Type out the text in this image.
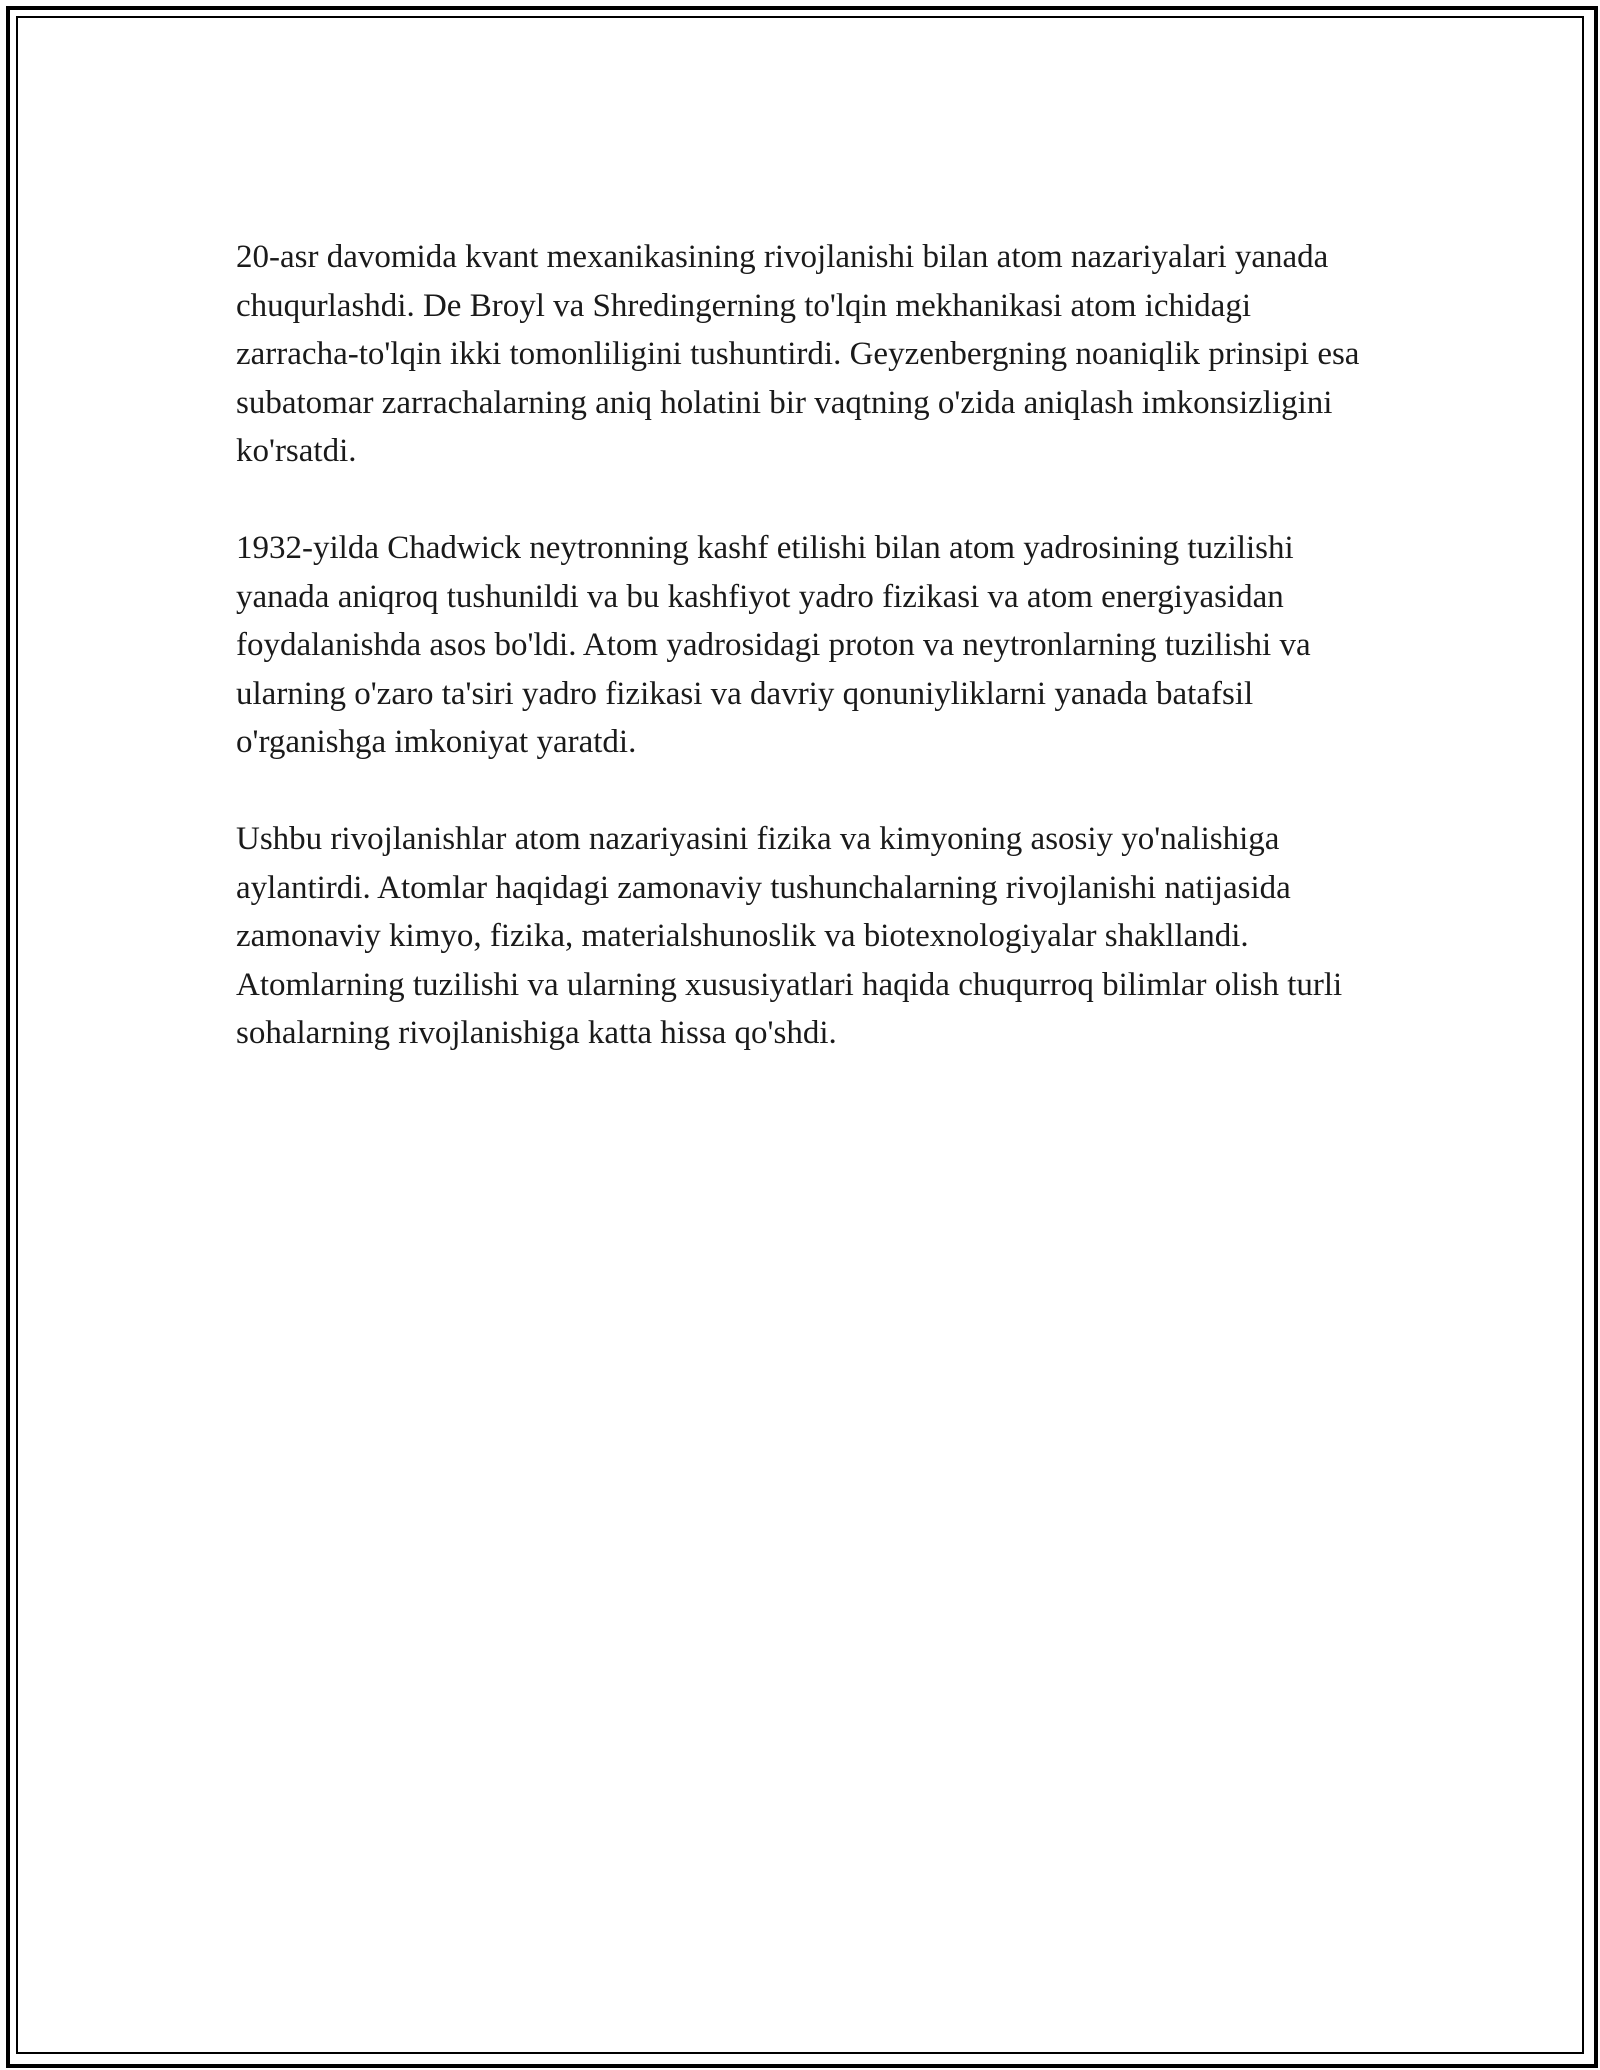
20-asr davomida kvant mexanikasining rivojlanishi bilan atom nazariyalari yanada chuqurlashdi. De Broyl va Shredingerning to'lqin mekhanikasi atom ichidagi zarracha-to'lqin ikki tomonliligini tushuntirdi. Geyzenbergning noaniqlik prinsipi esa subatomar zarrachalarning aniq holatini bir vaqtning o'zida aniqlash imkonsizligini ko'rsatdi.

1932-yilda Chadwick neytronning kashf etilishi bilan atom yadrosining tuzilishi yanada aniqroq tushunildi va bu kashfiyot yadro fizikasi va atom energiyasidan foydalanishda asos bo'ldi. Atom yadrosidagi proton va neytronlarning tuzilishi va ularning o'zaro ta'siri yadro fizikasi va davriy qonuniyliklarni yanada batafsil o'rganishga imkoniyat yaratdi.

Ushbu rivojlanishlar atom nazariyasini fizika va kimyoning asosiy yo'nalishiga aylantirdi. Atomlar haqidagi zamonaviy tushunchalarning rivojlanishi natijasida zamonaviy kimyo, fizika, materialshunoslik va biotexnologiyalar shakllandi. Atomlarning tuzilishi va ularning xususiyatlari haqida chuqurroq bilimlar olish turli sohalarning rivojlanishiga katta hissa qo'shdi.
